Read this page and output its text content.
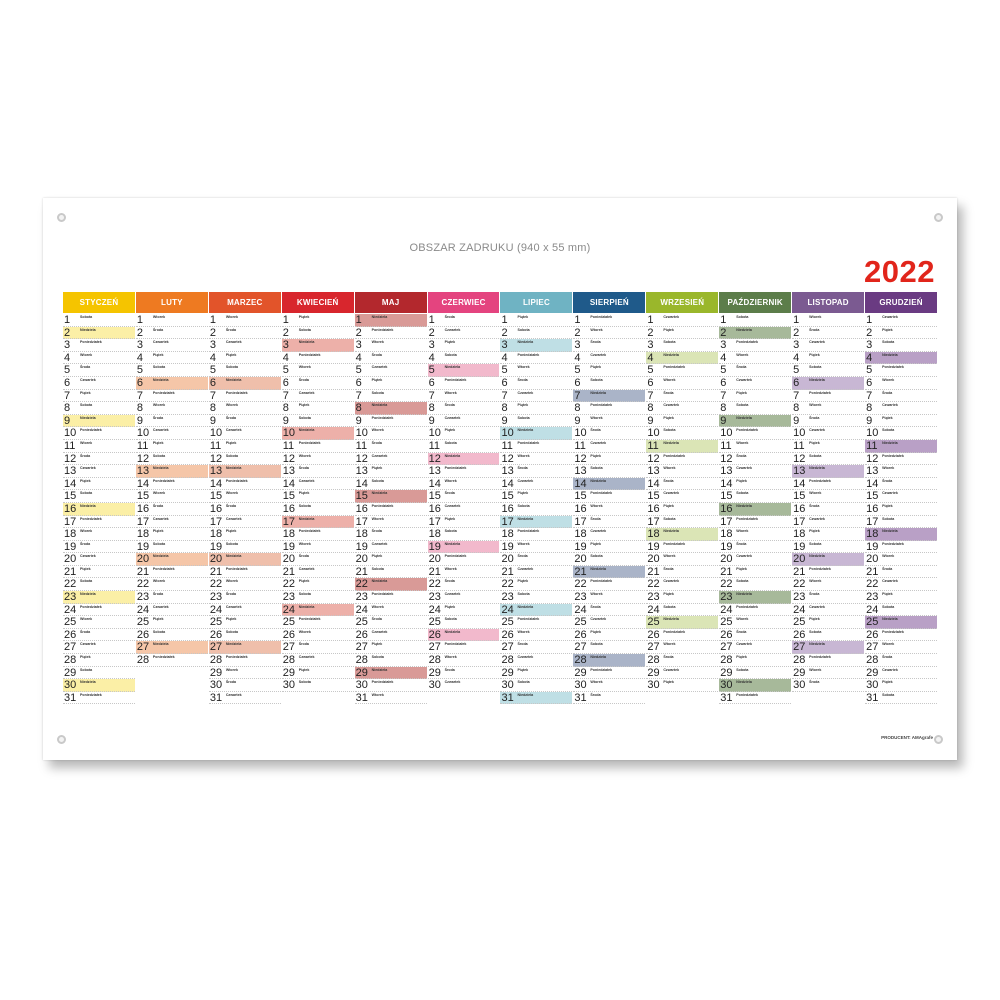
OBSZAR ZADRUKU (940 x 55 mm)
2022
STYCZEŃ
1	Sobota
2	Niedziela
3	Poniedziałek
4	Wtorek
5	Środa
6	Czwartek
7	Piątek
8	Sobota
9	Niedziela
10 Poniedziałek
11 Wtorek
12 Środa
13 Czwartek
14 Piątek
15 Sobota
16 Niedziela
17 Poniedziałek
18 Wtorek
19 Środa
20 Czwartek
21 Piątek
22 Sobota
23 Niedziela
24 Poniedziałek
25 Wtorek
26 Środa
27 Czwartek
28 Piątek
29 Sobota
30 Niedziela
31 Poniedziałek
LUTY
1	Wtorek
2	Środa
3	Czwartek
4	Piątek
5	Sobota
6	Niedziela
7	Poniedziałek
8	Wtorek
9	Środa
10 Czwartek
11 Piątek
12 Sobota
13 Niedziela
14 Poniedziałek
15 Wtorek
16 Środa
17 Czwartek
18 Piątek
19 Sobota
20 Niedziela
21 Poniedziałek
22 Wtorek
23 Środa
24 Czwartek
25 Piątek
26 Sobota
27 Niedziela
28 Poniedziałek
MARZEC
1	Wtorek
2	Środa
3	Czwartek
4	Piątek
5	Sobota
6	Niedziela
7	Poniedziałek
8	Wtorek
9	Środa
10 Czwartek
11 Piątek
12 Sobota
13 Niedziela
14 Poniedziałek
15 Wtorek
16 Środa
17 Czwartek
18 Piątek
19 Sobota
20 Niedziela
21 Poniedziałek
22 Wtorek
23 Środa
24 Czwartek
25 Piątek
26 Sobota
27 Niedziela
28 Poniedziałek
29 Wtorek
30 Środa
31 Czwartek
KWIECIEŃ
1	Piątek
2	Sobota
3	Niedziela
4	Poniedziałek
5	Wtorek
6	Środa
7	Czwartek
8	Piątek
9	Sobota
10 Niedziela
11 Poniedziałek
12 Wtorek
13 Środa
14 Czwartek
15 Piątek
16 Sobota
17 Niedziela
18 Poniedziałek
19 Wtorek
20 Środa
21 Czwartek
22 Piątek
23 Sobota
24 Niedziela
25 Poniedziałek
26 Wtorek
27 Środa
28 Czwartek
29 Piątek
30 Sobota
MAJ
1	Niedziela
2	Poniedziałek
3	Wtorek
4	Środa
5	Czwartek
6	Piątek
7	Sobota
8	Niedziela
9	Poniedziałek
10 Wtorek
11 Środa
12 Czwartek
13 Piątek
14 Sobota
15 Niedziela
16 Poniedziałek
17 Wtorek
18 Środa
19 Czwartek
20 Piątek
21 Sobota
22 Niedziela
23 Poniedziałek
24 Wtorek
25 Środa
26 Czwartek
27 Piątek
28 Sobota
29 Niedziela
30 Poniedziałek
31 Wtorek
CZERWIEC
1	Środa
2	Czwartek
3	Piątek
4	Sobota
5	Niedziela
6	Poniedziałek
7	Wtorek
8	Środa
9	Czwartek
10 Piątek
11 Sobota
12 Niedziela
13 Poniedziałek
14 Wtorek
15 Środa
16 Czwartek
17 Piątek
18 Sobota
19 Niedziela
20 Poniedziałek
21 Wtorek
22 Środa
23 Czwartek
24 Piątek
25 Sobota
26 Niedziela
27 Poniedziałek
28 Wtorek
29 Środa
30 Czwartek
LIPIEC
1	Piątek
2	Sobota
3	Niedziela
4	Poniedziałek
5	Wtorek
6	Środa
7	Czwartek
8	Piątek
9	Sobota
10 Niedziela
11 Poniedziałek
12 Wtorek
13 Środa
14 Czwartek
15 Piątek
16 Sobota
17 Niedziela
18 Poniedziałek
19 Wtorek
20 Środa
21 Czwartek
22 Piątek
23 Sobota
24 Niedziela
25 Poniedziałek
26 Wtorek
27 Środa
28 Czwartek
29 Piątek
30 Sobota
31 Niedziela
SIERPIEŃ
1	Poniedziałek
2	Wtorek
3	Środa
4	Czwartek
5	Piątek
6	Sobota
7	Niedziela
8	Poniedziałek
9	Wtorek
10 Środa
11 Czwartek
12 Piątek
13 Sobota
14 Niedziela
15 Poniedziałek
16 Wtorek
17 Środa
18 Czwartek
19 Piątek
20 Sobota
21 Niedziela
22 Poniedziałek
23 Wtorek
24 Środa
25 Czwartek
26 Piątek
27 Sobota
28 Niedziela
29 Poniedziałek
30 Wtorek
31 Środa
WRZESIEŃ
1	Czwartek
2	Piątek
3	Sobota
4	Niedziela
5	Poniedziałek
6	Wtorek
7	Środa
8	Czwartek
9	Piątek
10 Sobota
11 Niedziela
12 Poniedziałek
13 Wtorek
14 Środa
15 Czwartek
16 Piątek
17 Sobota
18 Niedziela
19 Poniedziałek
20 Wtorek
21 Środa
22 Czwartek
23 Piątek
24 Sobota
25 Niedziela
26 Poniedziałek
27 Wtorek
28 Środa
29 Czwartek
30 Piątek
PAŹDZIERNIK
1	Sobota
2	Niedziela
3	Poniedziałek
4	Wtorek
5	Środa
6	Czwartek
7	Piątek
8	Sobota
9	Niedziela
10 Poniedziałek
11 Wtorek
12 Środa
13 Czwartek
14 Piątek
15 Sobota
16 Niedziela
17 Poniedziałek
18 Wtorek
19 Środa
20 Czwartek
21 Piątek
22 Sobota
23 Niedziela
24 Poniedziałek
25 Wtorek
26 Środa
27 Czwartek
28 Piątek
29 Sobota
30 Niedziela
31 Poniedziałek
LISTOPAD
1	Wtorek
2	Środa
3	Czwartek
4	Piątek
5	Sobota
6	Niedziela
7	Poniedziałek
8	Wtorek
9	Środa
10 Czwartek
11 Piątek
12 Sobota
13 Niedziela
14 Poniedziałek
15 Wtorek
16 Środa
17 Czwartek
18 Piątek
19 Sobota
20 Niedziela
21 Poniedziałek
22 Wtorek
23 Środa
24 Czwartek
25 Piątek
26 Sobota
27 Niedziela
28 Poniedziałek
29 Wtorek
30 Środa
GRUDZIEŃ
1	Czwartek
2	Piątek
3	Sobota
4	Niedziela
5	Poniedziałek
6	Wtorek
7	Środa
8	Czwartek
9	Piątek
10 Sobota
11 Niedziela
12 Poniedziałek
13 Wtorek
14 Środa
15 Czwartek
16 Piątek
17 Sobota
18 Niedziela
19 Poniedziałek
20 Wtorek
21 Środa
22 Czwartek
23 Piątek
24 Sobota
25 Niedziela
26 Poniedziałek
27 Wtorek
28 Środa
29 Czwartek
30 Piątek
31 Sobota
PRODUCENT: AMAgrafe
